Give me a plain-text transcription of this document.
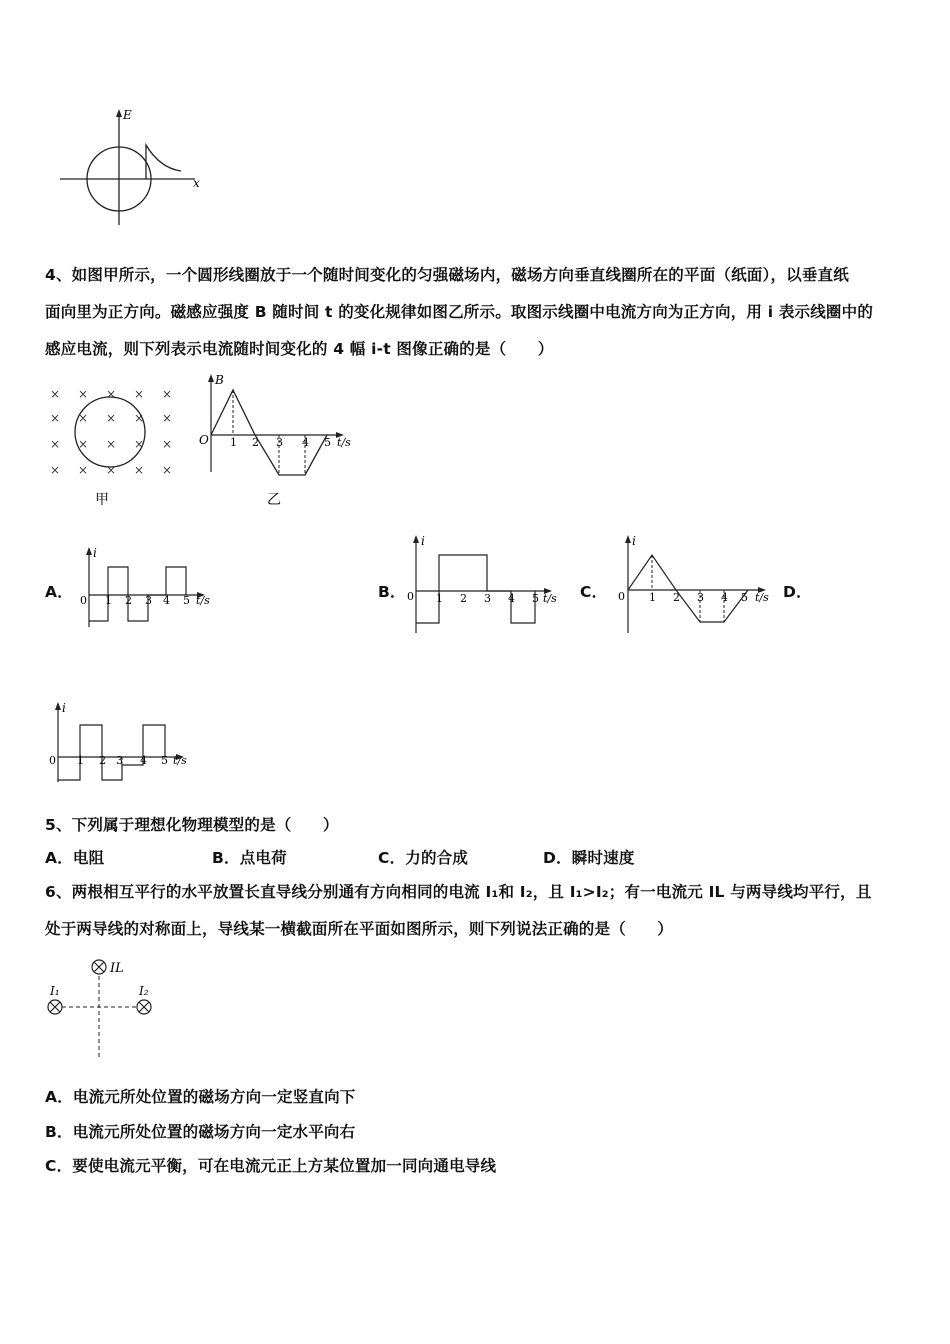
E
x
4、如图甲所示，一个圆形线圈放于一个随时间变化的匀强磁场内，磁场方向垂直线圈所在的平面（纸面），以垂直纸
面向里为正方向。磁感应强度 B 随时间 t 的变化规律如图乙所示。取图示线圈中电流方向为正方向，用 i 表示线圈中的
感应电流，则下列表示电流随时间变化的 4 幅 i-t 图像正确的是（　　）
× × × × ×
× × × × ×
× × × × ×
× × × × ×
甲
B
O 1 2 3 4 5 t/s
乙
A．
i
0 1 2 3 4 5 t/s	B．
i
0 1 2 3 4 5 t/s C．
i
0 1 2 3 4 5 t/s D．
i
0 1 2 3 4 5 t/s
5、下列属于理想化物理模型的是（　　）
A．电阻	B．点电荷	C．力的合成	D．瞬时速度
6、两根相互平行的水平放置长直导线分别通有方向相同的电流 I₁和 I₂，且 I₁>I₂；有一电流元 IL 与两导线均平行，且
处于两导线的对称面上，导线某一横截面所在平面如图所示，则下列说法正确的是（　　）
IL
I₁	I₂
A．电流元所处位置的磁场方向一定竖直向下
B．电流元所处位置的磁场方向一定水平向右
C．要使电流元平衡，可在电流元正上方某位置加一同向通电导线
